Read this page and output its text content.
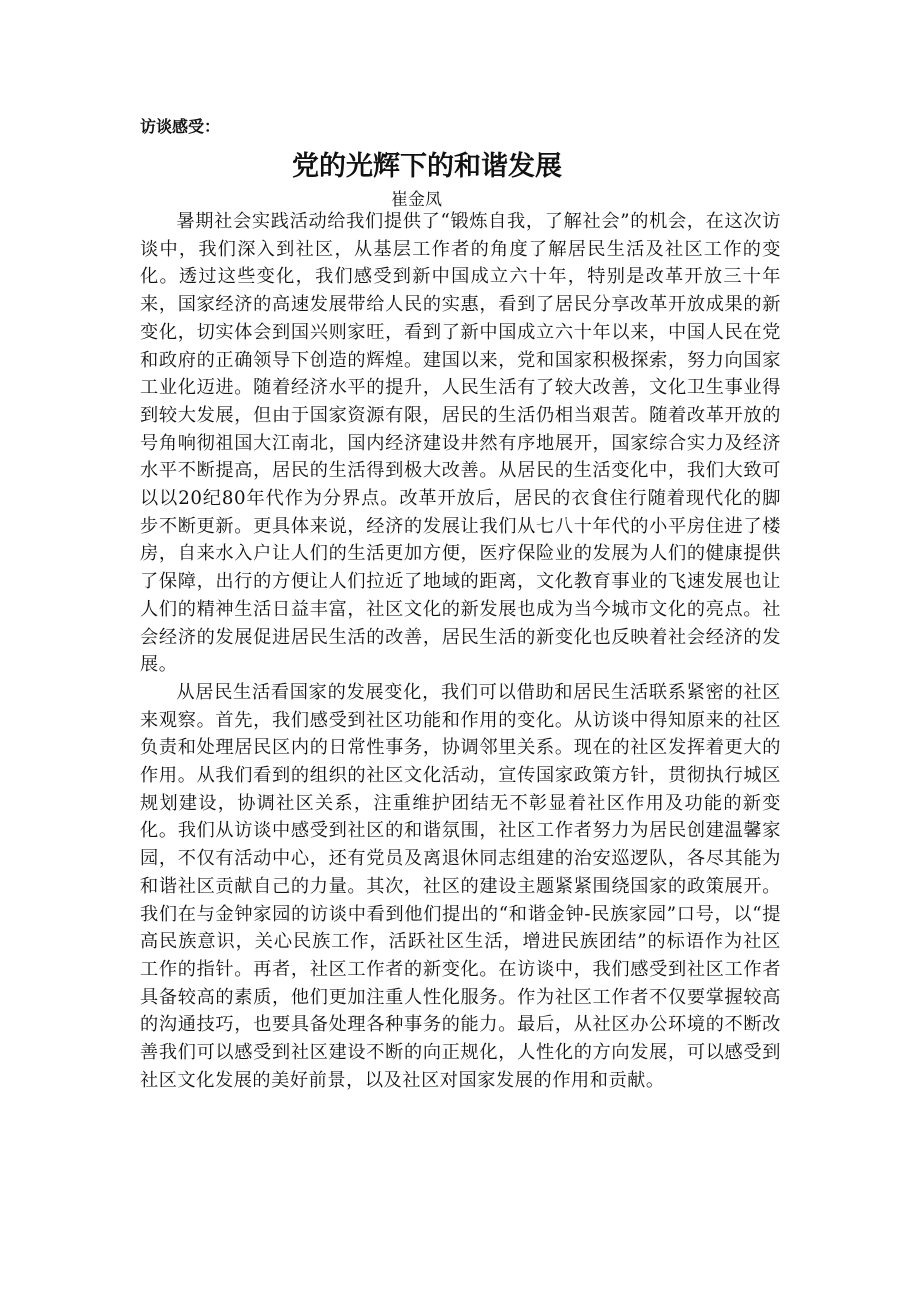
访谈感受：
党的光辉下的和谐发展
崔金凤

暑期社会实践活动给我们提供了“锻炼自我，了解社会”的机会，在这次访谈中，我们深入到社区，从基层工作者的角度了解居民生活及社区工作的变化。透过这些变化，我们感受到新中国成立六十年，特别是改革开放三十年来，国家经济的高速发展带给人民的实惠，看到了居民分享改革开放成果的新变化，切实体会到国兴则家旺，看到了新中国成立六十年以来，中国人民在党和政府的正确领导下创造的辉煌。建国以来，党和国家积极探索，努力向国家工业化迈进。随着经济水平的提升，人民生活有了较大改善，文化卫生事业得到较大发展，但由于国家资源有限，居民的生活仍相当艰苦。随着改革开放的号角响彻祖国大江南北，国内经济建设井然有序地展开，国家综合实力及经济水平不断提高，居民的生活得到极大改善。从居民的生活变化中，我们大致可以以20纪80年代作为分界点。改革开放后，居民的衣食住行随着现代化的脚步不断更新。更具体来说，经济的发展让我们从七八十年代的小平房住进了楼房，自来水入户让人们的生活更加方便，医疗保险业的发展为人们的健康提供了保障，出行的方便让人们拉近了地域的距离，文化教育事业的飞速发展也让人们的精神生活日益丰富，社区文化的新发展也成为当今城市文化的亮点。社会经济的发展促进居民生活的改善，居民生活的新变化也反映着社会经济的发展。

从居民生活看国家的发展变化，我们可以借助和居民生活联系紧密的社区来观察。首先，我们感受到社区功能和作用的变化。从访谈中得知原来的社区负责和处理居民区内的日常性事务，协调邻里关系。现在的社区发挥着更大的作用。从我们看到的组织的社区文化活动，宣传国家政策方针，贯彻执行城区规划建设，协调社区关系，注重维护团结无不彰显着社区作用及功能的新变化。我们从访谈中感受到社区的和谐氛围，社区工作者努力为居民创建温馨家园，不仅有活动中心，还有党员及离退休同志组建的治安巡逻队，各尽其能为和谐社区贡献自己的力量。其次，社区的建设主题紧紧围绕国家的政策展开。我们在与金钟家园的访谈中看到他们提出的“和谐金钟-民族家园”口号，以“提高民族意识，关心民族工作，活跃社区生活，增进民族团结”的标语作为社区工作的指针。再者，社区工作者的新变化。在访谈中，我们感受到社区工作者具备较高的素质，他们更加注重人性化服务。作为社区工作者不仅要掌握较高的沟通技巧，也要具备处理各种事务的能力。最后，从社区办公环境的不断改善我们可以感受到社区建设不断的向正规化，人性化的方向发展，可以感受到社区文化发展的美好前景，以及社区对国家发展的作用和贡献。
